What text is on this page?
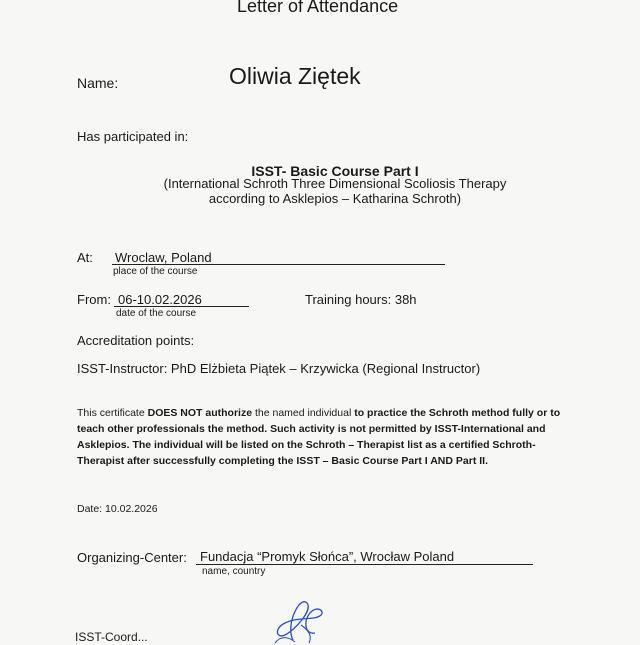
Letter of Attendance
Name:	Oliwia Ziętek
Has participated in:
ISST- Basic Course Part I
(International Schroth Three Dimensional Scoliosis Therapy
according to Asklepios – Katharina Schroth)
At: Wroclaw, Poland
place of the course
From: 06-10.02.2026
date of the course
Training hours: 38h
Accreditation points:
ISST-Instructor: PhD Elżbieta Piątek – Krzywicka (Regional Instructor)
This certificate DOES NOT authorize the named individual to practice the Schroth method fully or to teach other professionals the method. Such activity is not permitted by ISST-International and Asklepios. The individual will be listed on the Schroth – Therapist list as a certified Schroth-Therapist after successfully completing the ISST – Basic Course Part I AND Part II.
Date: 10.02.2026
Organizing-Center: Fundacja “Promyk Słońca”, Wrocław Poland
name, country
ISST-Coord...
